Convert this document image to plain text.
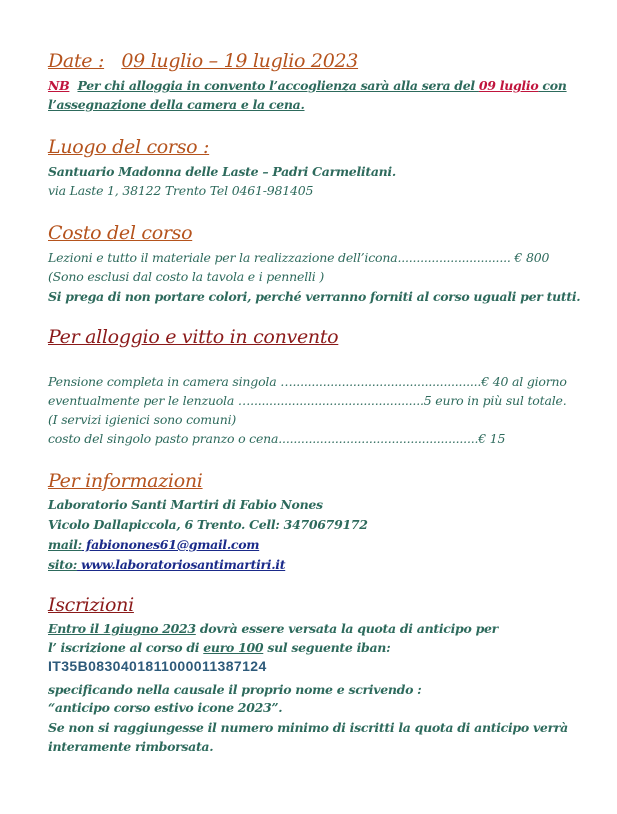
Date : 09 luglio – 19 luglio 2023
NB Per chi alloggia in convento l’accoglienza sarà alla sera del 09 luglio con
l’assegnazione della camera e la cena.
Luogo del corso :
Santuario Madonna delle Laste – Padri Carmelitani.
via Laste 1, 38122 Trento Tel 0461-981405
Costo del corso
Lezioni e tutto il materiale per la realizzazione dell’icona.............................. € 800
(Sono esclusi dal costo la tavola e i pennelli )
Si prega di non portare colori, perché verranno forniti al corso uguali per tutti.
Per alloggio e vitto in convento
Pensione completa in camera singola …..................................................€ 40 al giorno
eventualmente per le lenzuola …..............................................5 euro in più sul totale.
(I servizi igienici sono comuni)
costo del singolo pasto pranzo o cena.....................................................€ 15
Per informazioni
Laboratorio Santi Martiri di Fabio Nones
Vicolo Dallapiccola, 6 Trento. Cell: 3470679172
mail: fabionones61@gmail.com
sito: www.laboratoriosantimartiri.it
Iscrizioni
Entro il 1giugno 2023 dovrà essere versata la quota di anticipo per
l’ iscrizione al corso di euro 100 sul seguente iban:
IT35B0830401811000011387124
specificando nella causale il proprio nome e scrivendo :
“anticipo corso estivo icone 2023”.
Se non si raggiungesse il numero minimo di iscritti la quota di anticipo verrà
interamente rimborsata.
